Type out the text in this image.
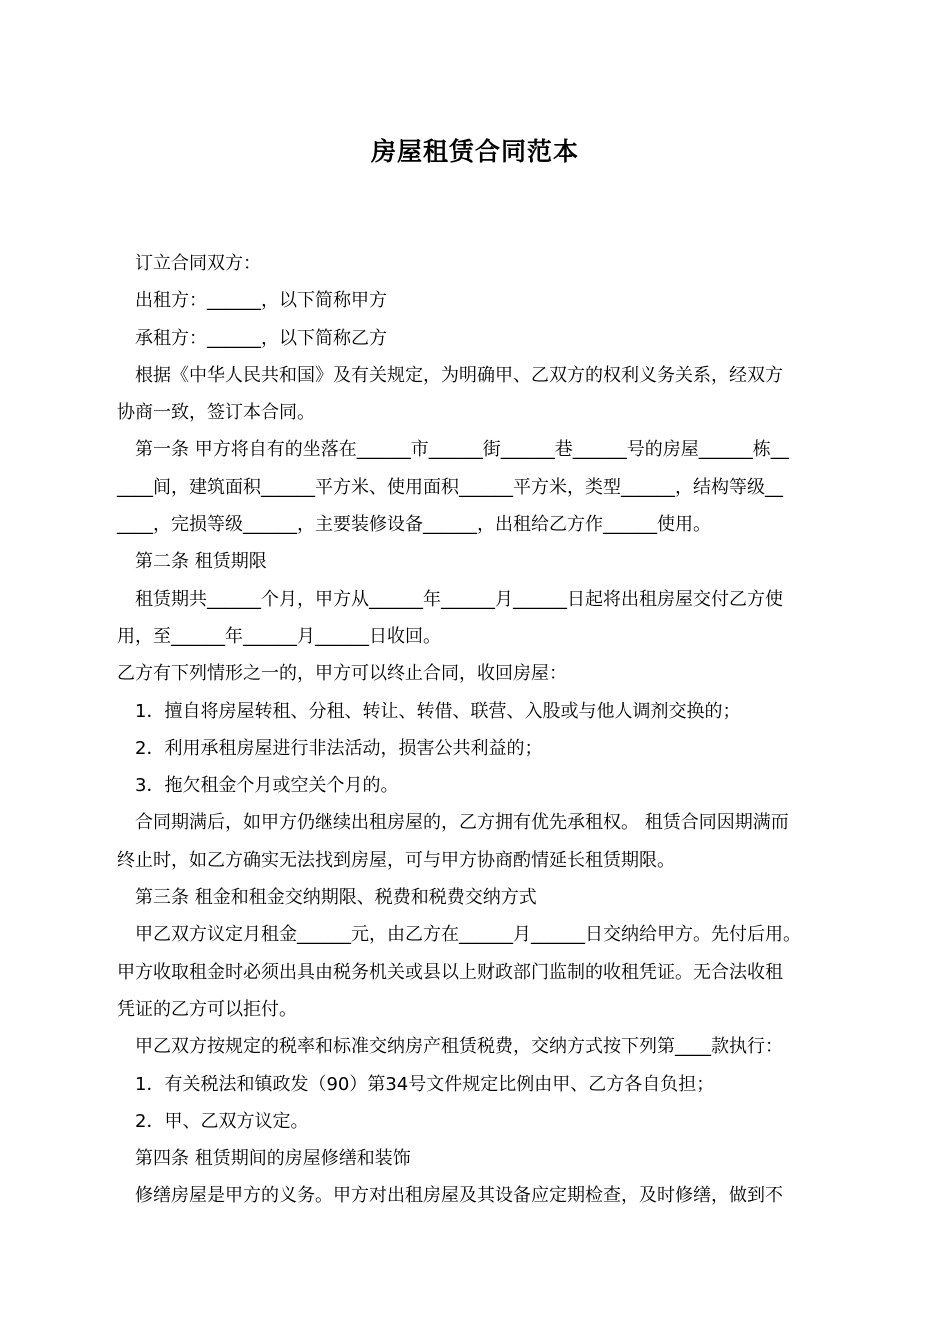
房屋租赁合同范本

订立合同双方：

出租方：______，以下简称甲方

承租方：______，以下简称乙方

根据《中华人民共和国》及有关规定，为明确甲、乙双方的权利义务关系，经双方

协商一致，签订本合同。

第一条 甲方将自有的坐落在______市______街______巷______号的房屋______栋__

____间，建筑面积______平方米、使用面积______平方米，类型______，结构等级__

____，完损等级______，主要装修设备______，出租给乙方作______使用。

第二条 租赁期限

租赁期共______个月，甲方从______年______月______日起将出租房屋交付乙方使

用，至______年______月______日收回。

乙方有下列情形之一的，甲方可以终止合同，收回房屋：

1．擅自将房屋转租、分租、转让、转借、联营、入股或与他人调剂交换的；

2．利用承租房屋进行非法活动，损害公共利益的；

3．拖欠租金个月或空关个月的。

合同期满后，如甲方仍继续出租房屋的，乙方拥有优先承租权。 租赁合同因期满而

终止时，如乙方确实无法找到房屋，可与甲方协商酌情延长租赁期限。

第三条 租金和租金交纳期限、税费和税费交纳方式

甲乙双方议定月租金______元，由乙方在______月______日交纳给甲方。先付后用。

甲方收取租金时必须出具由税务机关或县以上财政部门监制的收租凭证。无合法收租

凭证的乙方可以拒付。

甲乙双方按规定的税率和标准交纳房产租赁税费，交纳方式按下列第____款执行：

1．有关税法和镇政发（90）第34号文件规定比例由甲、乙方各自负担；

2．甲、乙双方议定。

第四条 租赁期间的房屋修缮和装饰

修缮房屋是甲方的义务。甲方对出租房屋及其设备应定期检查，及时修缮，做到不
